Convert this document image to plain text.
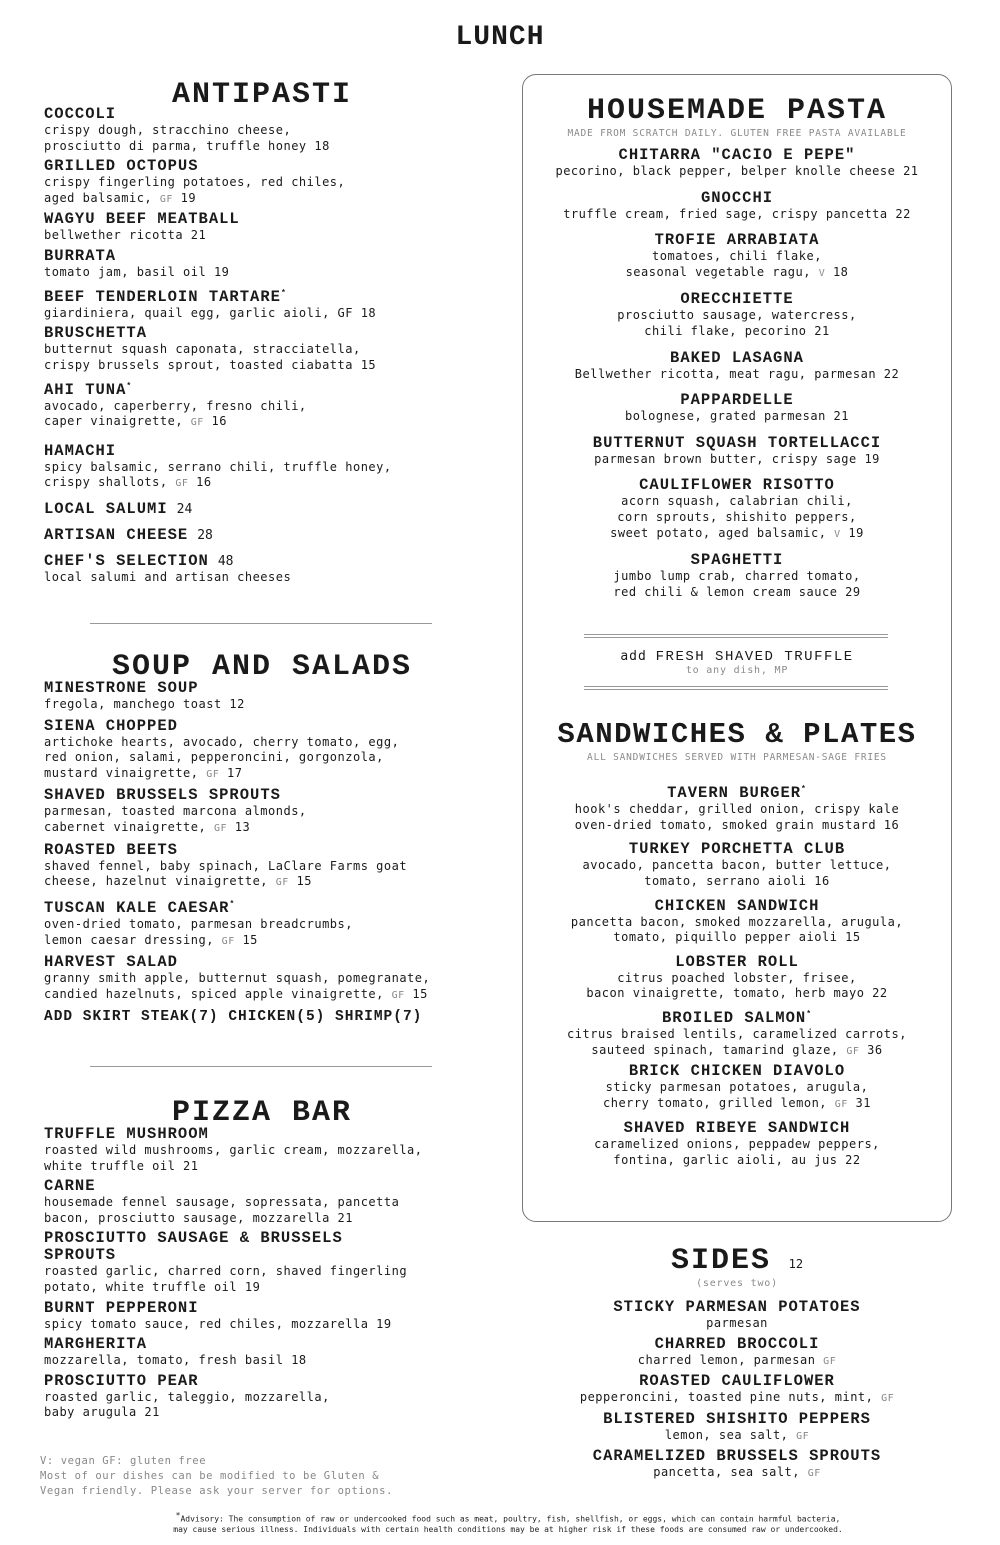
LUNCH
ANTIPASTI
COCCOLI
crispy dough, stracchino cheese,
prosciutto di parma, truffle honey 18
GRILLED OCTOPUS
crispy fingerling potatoes, red chiles,
aged balsamic, GF 19
WAGYU BEEF MEATBALL
bellwether ricotta 21
BURRATA
tomato jam, basil oil 19
BEEF TENDERLOIN TARTARE*
giardiniera, quail egg, garlic aioli, GF 18
BRUSCHETTA
butternut squash caponata, stracciatella,
crispy brussels sprout, toasted ciabatta 15
AHI TUNA*
avocado, caperberry, fresno chili,
caper vinaigrette, GF 16
HAMACHI
spicy balsamic, serrano chili, truffle honey,
crispy shallots, GF 16
LOCAL SALUMI 24
ARTISAN CHEESE 28
CHEF'S SELECTION 48
local salumi and artisan cheeses
SOUP AND SALADS
MINESTRONE SOUP
fregola, manchego toast 12
SIENA CHOPPED
artichoke hearts, avocado, cherry tomato, egg,
red onion, salami, pepperoncini, gorgonzola,
mustard vinaigrette, GF 17
SHAVED BRUSSELS SPROUTS
parmesan, toasted marcona almonds,
cabernet vinaigrette, GF 13
ROASTED BEETS
shaved fennel, baby spinach, LaClare Farms goat
cheese, hazelnut vinaigrette, GF 15
TUSCAN KALE CAESAR*
oven-dried tomato, parmesan breadcrumbs,
lemon caesar dressing, GF 15
HARVEST SALAD
granny smith apple, butternut squash, pomegranate,
candied hazelnuts, spiced apple vinaigrette, GF 15
ADD SKIRT STEAK(7) CHICKEN(5) SHRIMP(7)
PIZZA BAR
TRUFFLE MUSHROOM
roasted wild mushrooms, garlic cream, mozzarella,
white truffle oil 21
CARNE
housemade fennel sausage, sopressata, pancetta
bacon, prosciutto sausage, mozzarella 21
PROSCIUTTO SAUSAGE & BRUSSELS
SPROUTS
roasted garlic, charred corn, shaved fingerling
potato, white truffle oil 19
BURNT PEPPERONI
spicy tomato sauce, red chiles, mozzarella 19
MARGHERITA
mozzarella, tomato, fresh basil 18
PROSCIUTTO PEAR
roasted garlic, taleggio, mozzarella,
baby arugula 21
V: vegan GF: gluten free
Most of our dishes can be modified to be Gluten &
Vegan friendly. Please ask your server for options.
HOUSEMADE PASTA
MADE FROM SCRATCH DAILY. GLUTEN FREE PASTA AVAILABLE
CHITARRA "CACIO E PEPE"
pecorino, black pepper, belper knolle cheese 21
GNOCCHI
truffle cream, fried sage, crispy pancetta 22
TROFIE ARRABIATA
tomatoes, chili flake,
seasonal vegetable ragu, V 18
ORECCHIETTE
prosciutto sausage, watercress,
chili flake, pecorino 21
BAKED LASAGNA
Bellwether ricotta, meat ragu, parmesan 22
PAPPARDELLE
bolognese, grated parmesan 21
BUTTERNUT SQUASH TORTELLACCI
parmesan brown butter, crispy sage 19
CAULIFLOWER RISOTTO
acorn squash, calabrian chili,
corn sprouts, shishito peppers,
sweet potato, aged balsamic, V 19
SPAGHETTI
jumbo lump crab, charred tomato,
red chili & lemon cream sauce 29
add FRESH SHAVED TRUFFLE
to any dish, MP
SANDWICHES & PLATES
ALL SANDWICHES SERVED WITH PARMESAN-SAGE FRIES
TAVERN BURGER*
hook's cheddar, grilled onion, crispy kale
oven-dried tomato, smoked grain mustard 16
TURKEY PORCHETTA CLUB
avocado, pancetta bacon, butter lettuce,
tomato, serrano aioli 16
CHICKEN SANDWICH
pancetta bacon, smoked mozzarella, arugula,
tomato, piquillo pepper aioli 15
LOBSTER ROLL
citrus poached lobster, frisee,
bacon vinaigrette, tomato, herb mayo 22
BROILED SALMON*
citrus braised lentils, caramelized carrots,
sauteed spinach, tamarind glaze, GF 36
BRICK CHICKEN DIAVOLO
sticky parmesan potatoes, arugula,
cherry tomato, grilled lemon, GF 31
SHAVED RIBEYE SANDWICH
caramelized onions, peppadew peppers,
fontina, garlic aioli, au jus 22
SIDES 12
(serves two)
STICKY PARMESAN POTATOES
parmesan
CHARRED BROCCOLI
charred lemon, parmesan GF
ROASTED CAULIFLOWER
pepperoncini, toasted pine nuts, mint, GF
BLISTERED SHISHITO PEPPERS
lemon, sea salt, GF
CARAMELIZED BRUSSELS SPROUTS
pancetta, sea salt, GF
*Advisory: The consumption of raw or undercooked food such as meat, poultry, fish, shellfish, or eggs, which can contain harmful bacteria,
may cause serious illness. Individuals with certain health conditions may be at higher risk if these foods are consumed raw or undercooked.
